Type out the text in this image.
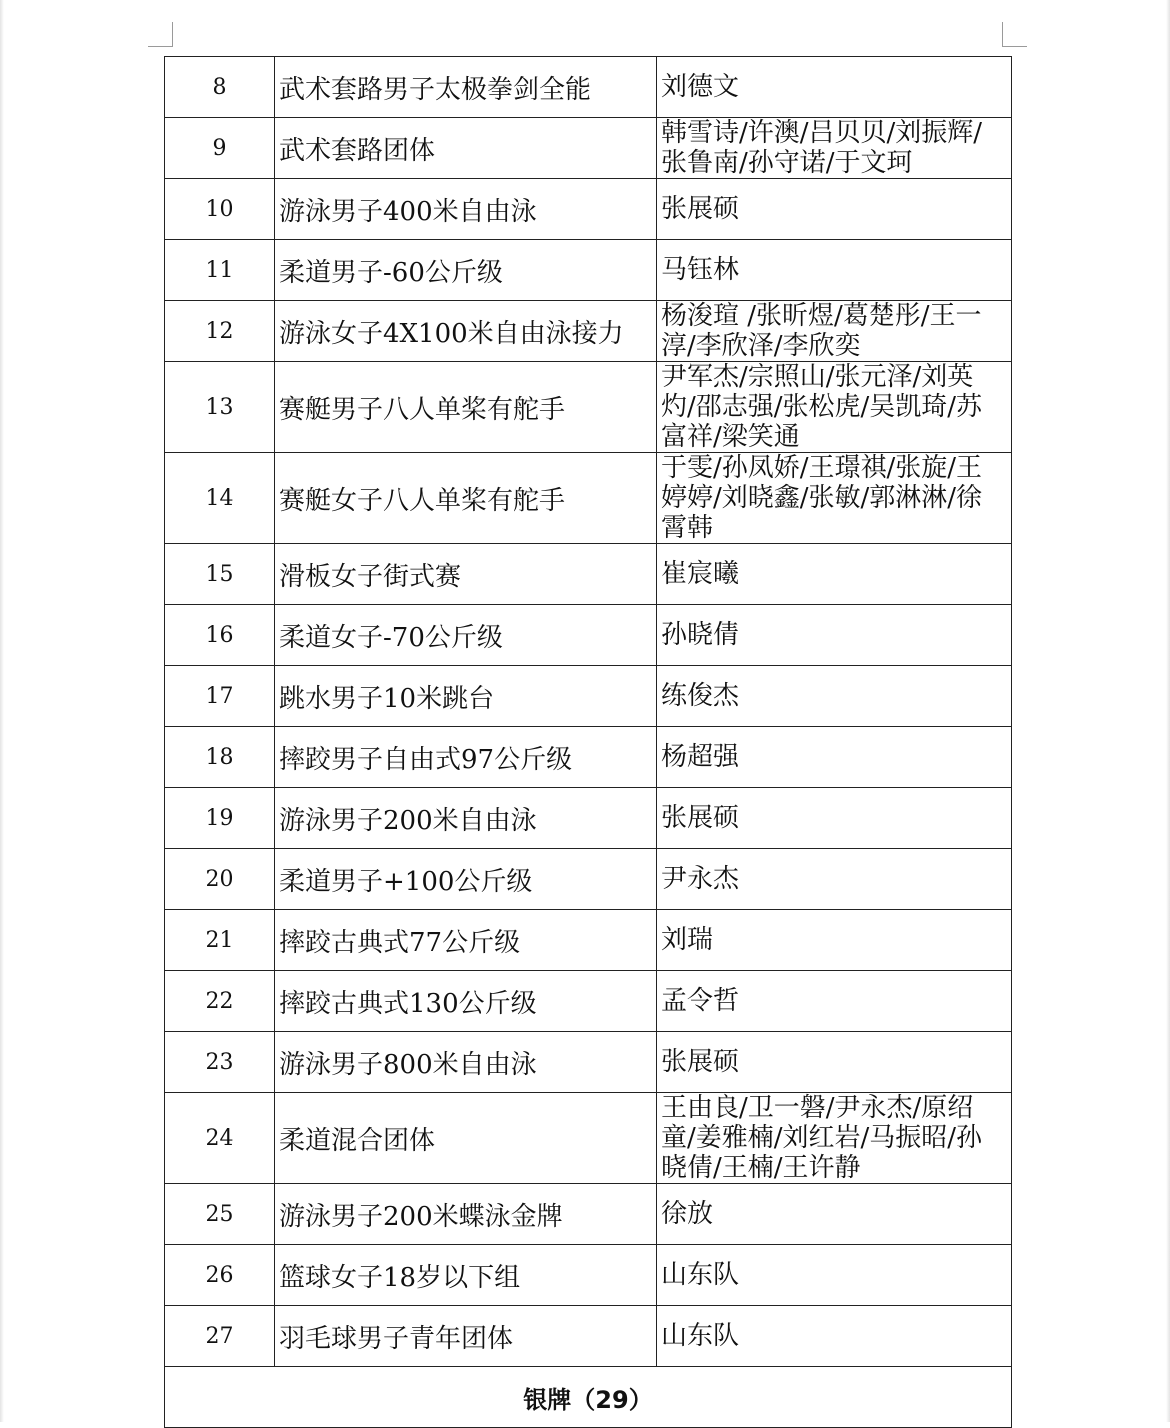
8	武术套路男子太极拳剑全能	刘德文
9	武术套路团体	韩雪诗/许澳/吕贝贝/刘振辉/张鲁南/孙守诺/于文珂
10	游泳男子400米自由泳	张展硕
11	柔道男子-60公斤级	马钰林
12	游泳女子4X100米自由泳接力	杨浚瑄 /张昕煜/葛楚彤/王一淳/李欣泽/李欣奕
13	赛艇男子八人单桨有舵手	尹军杰/宗照山/张元泽/刘英灼/邵志强/张松虎/吴凯琦/苏富祥/梁笑通
14	赛艇女子八人单桨有舵手	于雯/孙凤娇/王璟祺/张旋/王婷婷/刘晓鑫/张敏/郭淋淋/徐霄韩
15	滑板女子街式赛	崔宸曦
16	柔道女子-70公斤级	孙晓倩
17	跳水男子10米跳台	练俊杰
18	摔跤男子自由式97公斤级	杨超强
19	游泳男子200米自由泳	张展硕
20	柔道男子+100公斤级	尹永杰
21	摔跤古典式77公斤级	刘瑞
22	摔跤古典式130公斤级	孟令哲
23	游泳男子800米自由泳	张展硕
24	柔道混合团体	王由良/卫一磐/尹永杰/原绍童/姜雅楠/刘红岩/马振昭/孙晓倩/王楠/王许静
25	游泳男子200米蝶泳金牌	徐放
26	篮球女子18岁以下组	山东队
27	羽毛球男子青年团体	山东队
银牌（29）		
